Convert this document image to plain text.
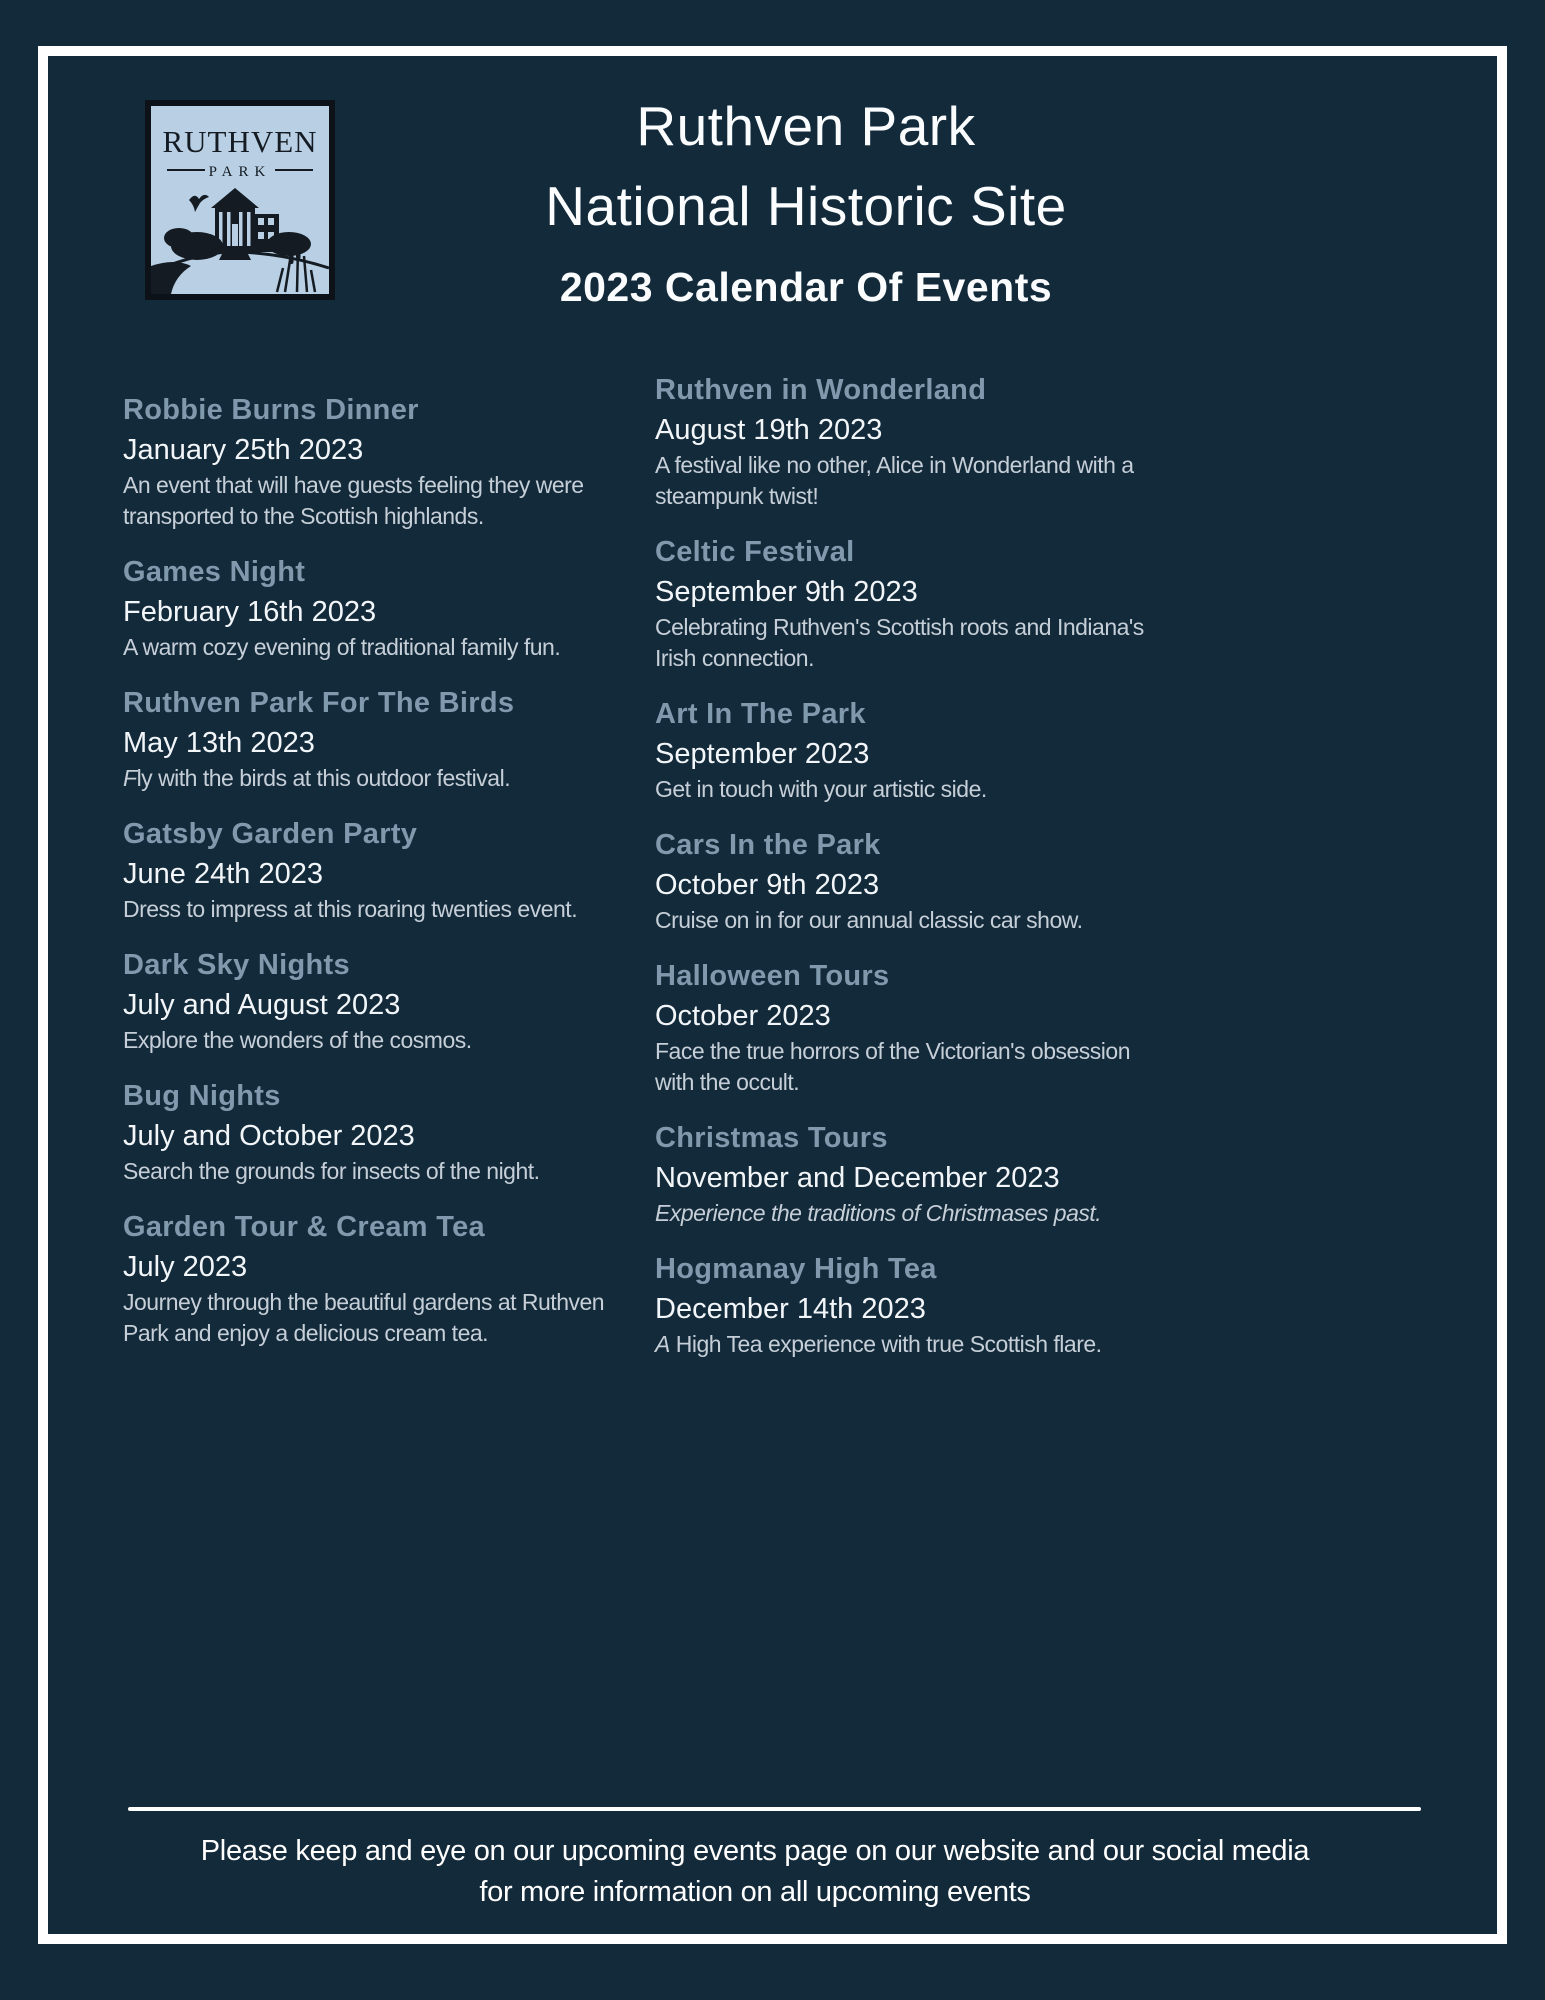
RUTHVEN
PARK
Ruthven Park
National Historic Site
2023 Calendar Of Events
Robbie Burns Dinner
January 25th 2023
An event that will have guests feeling they were transported to the Scottish highlands.
Games Night
February 16th 2023
A warm cozy evening of traditional family fun.
Ruthven Park For The Birds
May 13th 2023
Fly with the birds at this outdoor festival.
Gatsby Garden Party
June 24th 2023
Dress to impress at this roaring twenties event.
Dark Sky Nights
July and August 2023
Explore the wonders of the cosmos.
Bug Nights
July and October 2023
Search the grounds for insects of the night.
Garden Tour & Cream Tea
July 2023
Journey through the beautiful gardens at Ruthven Park and enjoy a delicious cream tea.
Ruthven in Wonderland
August 19th 2023
A festival like no other, Alice in Wonderland with a steampunk twist!
Celtic Festival
September 9th 2023
Celebrating Ruthven's Scottish roots and Indiana's Irish connection.
Art In The Park
September 2023
Get in touch with your artistic side.
Cars In the Park
October 9th 2023
Cruise on in for our annual classic car show.
Halloween Tours
October 2023
Face the true horrors of the Victorian's obsession with the occult.
Christmas Tours
November and December 2023
Experience the traditions of Christmases past.
Hogmanay High Tea
December 14th 2023
A High Tea experience with true Scottish flare.
Please keep and eye on our upcoming events page on our website and our social media for more information on all upcoming events
